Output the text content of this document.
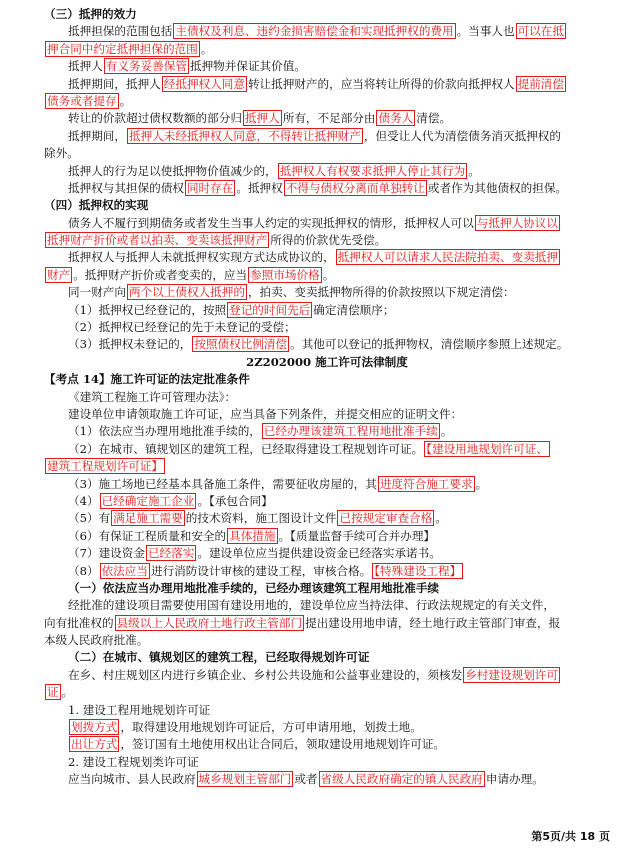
（三）抵押的效力
抵押担保的范围包括 主债权及利息、违约金损害赔偿金和实现抵押权的费用 。当事人也 可以在抵
押合同中约定抵押担保的范围 。
抵押人 有义务妥善保管 抵押物并保证其价值。
抵押期间，抵押人 经抵押权人同意 转让抵押财产的，应当将转让所得的价款向抵押权人 提前清偿
债务或者提存 。
转让的价款超过债权数额的部分归 抵押人 所有，不足部分由 债务人 清偿。
抵押期间， 抵押人未经抵押权人同意，不得转让抵押财产 ，但受让人代为清偿债务消灭抵押权的
除外。
抵押人的行为足以使抵押物价值减少的， 抵押权人有权要求抵押人停止其行为 。
抵押权与其担保的债权 同时存在 。抵押权 不得与债权分离而单独转让 或者作为其他债权的担保。
（四）抵押权的实现
债务人不履行到期债务或者发生当事人约定的实现抵押权的情形，抵押权人可以 与抵押人协议以
抵押财产折价或者以拍卖、变卖该抵押财产 所得的价款优先受偿。
抵押权人与抵押人未就抵押权实现方式达成协议的， 抵押权人可以请求人民法院拍卖、变卖抵押
财产 。抵押财产折价或者变卖的，应当 参照市场价格 。
同一财产向 两个以上债权人抵押的 ，拍卖、变卖抵押物所得的价款按照以下规定清偿：
（1）抵押权已经登记的，按照 登记的时间先后 确定清偿顺序；
（2）抵押权已经登记的先于未登记的受偿；
（3）抵押权未登记的， 按照债权比例清偿 。其他可以登记的抵押物权，清偿顺序参照上述规定。
2Z202000 施工许可法律制度
【考点 14】施工许可证的法定批准条件
《建筑工程施工许可管理办法》：
建设单位申请领取施工许可证，应当具备下列条件，并提交相应的证明文件：
（1）依法应当办理用地批准手续的， 已经办理该建筑工程用地批准手续 。
（2）在城市、镇规划区的建筑工程，已经取得建设工程规划许可证。 【建设用地规划许可证、
建筑工程规划许可证】
（3）施工场地已经基本具备施工条件，需要征收房屋的，其 进度符合施工要求 。
（4） 已经确定施工企业 。【承包合同】
（5）有 满足施工需要 的技术资料，施工图设计文件 已按规定审查合格 。
（6）有保证工程质量和安全的 具体措施 。【质量监督手续可合并办理】
（7）建设资金 已经落实 。建设单位应当提供建设资金已经落实承诺书。
（8） 依法应当 进行消防设计审核的建设工程，审核合格。 【特殊建设工程】
（一）依法应当办理用地批准手续的，已经办理该建筑工程用地批准手续
经批准的建设项目需要使用国有建设用地的，建设单位应当持法律、行政法规规定的有关文件，
向有批准权的 县级以上人民政府土地行政主管部门 提出建设用地申请，经土地行政主管部门审查，报
本级人民政府批准。
（二）在城市、镇规划区的建筑工程，已经取得规划许可证
在乡、村庄规划区内进行乡镇企业、乡村公共设施和公益事业建设的，须核发 乡村建设规划许可
证 。
1. 建设工程用地规划许可证
划拨方式 ，取得建设用地规划许可证后，方可申请用地，划拨土地。
出让方式 ，签订国有土地使用权出让合同后，领取建设用地规划许可证。
2. 建设工程规划类许可证
应当向城市、县人民政府 城乡规划主管部门 或者 省级人民政府确定的镇人民政府 申请办理。
第5页/共 18 页
